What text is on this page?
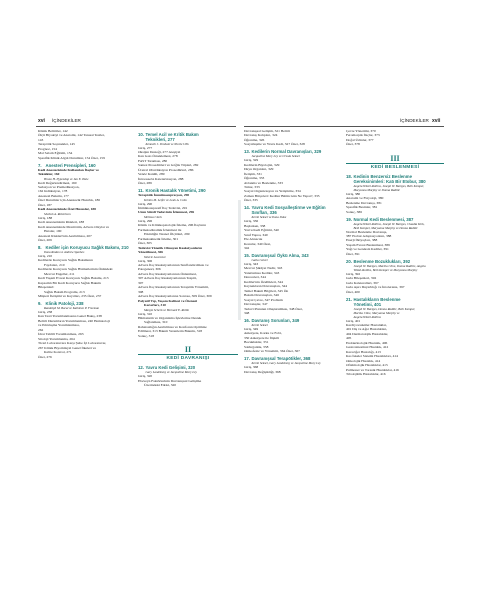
xvi İÇİNDEKİLER
Klinik Belirtiler, 142
Ölçü Biyokiyi ve Anatomi, 142 Tanısal Testler,
143
Terapötik Seçenekler, 145
Prognoz, 154
Mal Salatlı Eğitimi, 154
Spesifik Klinik Algılı Durumlar, 154 Özet, 159
7. Anesteri Prensipleri, 160
Kedi Anestezisinde Kullanılan İlaçlar ve
Teknikler, 160
Bruno H. Pypendop ve Jan E. Ilkiw
Kedi Değerlendirmesi, 160
Sedasyon ve Premedikasyon,
162 Indüksiyon, 178
Anestezi Bakımı, 177
Özel Durumlar için Anestezik Hazırlık, 186
Özet, 187
Kedi Anestezisinde Özel Hususlar, 188
Sheilah A. Robertson
Giriş, 188
Kedi Anestezisinin Riskleri, 188
Kedi Anestezisinde Monitörün, Advers Olaylar ve
Hatalar, 190
Anestezi Riskleri'nin Azaltılması, 207
Özet, 209
8. Kediler için Koruyucu Sağlık Bakımı, 210
Ilona Rodan ve Andrew Sparkes
Giriş, 210
Kedilerde Koruyucu Sağlık Bakımının
Faydaları, 210
Kedilerde Koruyucu Sağlık Hizmetlerinin Önündeki
Mevcut Engeller, 211
Kedi Yaşam Evresi Koruyucu Sağlık Bakımı, 213
Kapsamlı Bir Kedi Koruyucu Sağlık Bakımı
Bileşenleri:
Sağlık Bakım Programı, 213
Müşteri İletişimi ve Kayıtları, 235 Özet, 237
9. Klinik Patoloji, 238
Randolph M. Baral ve Kathleen P. Freeman
Giriş, 238
Kan Testi Yorumlanmasına Genel Bakış, 238
Belirli Durumların Yorumlanması, 240 Hematoloji
ve Pıhtılaşma Yorumlanması,
262
İdrar Tahlili Yorumlanması, 263
Sitoloji Yorumlanma, 264
Ticari Laboratuvara Karşı Şube İçi Laboratuvar,
267 Klinik Biyomüsyal Genel İlkeleri ve
Kalite Kontrol, 271
Özet, 276
10. Temel Acil ve Kritik Bakım
Teknikleri, 277
Kenneth J. Drobatz ve Nicole Ulik
Giriş, 277
Oksijen Desteği, 277 Ateşiyal
Kan Gazı Örneklemesi, 278
FAST Taraması, 280
Santez Prosedürleri ve Göğüs Tüpleri, 282
Üretral Obstrüksiyon Prosedürleri, 286
Venöz Kanüli, 289
İntraosseöz Kateterizasyon, 288
Özet, 289
11. Kronik Hastalık Yönetimi, 290
Terapötik İmmünosupresyon, 290
Kristin M. Leifer ve Leah A. Cohn
Giriş, 290
İmmünosupresif İlaç Tedavisi, 291
Uzun Süreli Tedavinin İzlenmesi, 296
Melissa Clark
Giriş, 296
Klinik ve Klinikopatolojik İzleme, 296 İlaçların
Farmakodinamik İzlenmesi ile
Etkinliğin Nesnel Ölçütleri, 299
Farmakokinetik İzleme, 301
Özet, 305
Tedavisi Yönetik Olmayan Reaksiyonların
Yönetilmesi, 306
Valerie Lawrence
Giriş, 306
Advers İlaç Reaksiyonlarının Sınıflandırılması ve
Patogenezi, 306
Advers İlaç Reaksiyonlarının Önlenmesi,
307 Advers İlaç Reaksiyonlarının Tespiti,
307
Advers İlaç Reaksiyonlarının Terapötik Yönetimi,
308
Advers İlaç Reaksiyonlarına Sonrası, 309 Özet, 309
Palyatif Tıp, Yaşam Kalitesi ve Ötenazi
Kararları, 310
Margie Scherk ve Bernard E. Rollin
Giriş, 310
Hümanizm ve Organizma İşlevlerine Destek
Sağlanması, 310
Rahatsızlığın Azaltılması ve Konforun Optimize
Edilmesi, 313 Bakım Verenlerin Bakımı, 318
Sonuç, 318
II
KEDİ DAVRANIŞI
12. Yavru Kedi Gelişimi, 320
Gary Landsberg ve Jacqueline Mary Ley
Giriş, 320
Ebeveyn Faktörlerinin Davranışsal Gelişime
Üzerindeki Etkisi, 320
İÇİNDEKİLER xvii
Davranışsal Gelişim, 321 Belirli
Davranış Kalıpları, 324
Öğrenme, 326
Sosyalleşme ve Yavru Kedi, 327 Özet, 328
13. Kedilerin Normal Davranışları, 329
Jacqueline Mary Ley ve Ursula Seksel
Giriş, 329
Kedilerin Biyolojisi, 329
Duyu Organları, 329
İletişim, 331
Öğrenme, 333
Avlanma ve Beslenme, 333
Tımar, 333
Sosyal Organizasyon ve Yetiştirme, 334
Zaman Bütçeleri: Kediler Bütün Gün Ne Yapar?, 335
Özet, 335
14. Yavru Kedi Sosyalleştirme ve Eğitim
Sınıfları, 336
Kersti Seksel ve Ilona Duke
Giriş, 336
Başlarken, 338
Yavru Kedi Eğitimi, 340
Sınıf Yapısı, 340
Ele Alınacak
Konular, 340 Özet,
342
15. Davranışsal Öykü Alma, 343
Gaila Calver
Giriş, 343
Mevcut Şikâyet Nedir, 343
Yanıtlaması Kediler, 343
Dereceleri, 344
Kediler'nin Özellikleri, 344
Kaynakların Davranışları, 344
Temel Bakım Bilgileri, 345 Ön
Bakım Davranışları, 346
Sosyal Çevre, 347 Problem
Davranışlar, 347
Tedavi Planının Oluşturulması, 348 Özet,
348
16. Davranış Sorunları, 349
Kersti Seksel
Giriş, 349
Anksiyete, Korku ve Fobi,
350 Anksiyete ile İlişkili
Bozukluklar, 351
Saldırganlık, 358
Onikofeziz ve Yönetimi, 364 Özet, 367
17. Davranışsal Terapötikler, 368
Kersti Seksel, Gary Landsberg ve Jacqueline Mary Ley
Giriş, 368
Davranış Değişikliği, 368
Çevre Yönetimi, 370
Feromorpik İlaçlar, 373
Doğal Ürünler, 377
Özet, 378
III
KEDİ BESLENMESİ
18. Kedinin Benzersiz Beslenme
Gereksinimleri: Katı Bir Etobur, 380
Angela Witzel-Rollins, Joseph W. Bartges, Beth Kemper,
Maryanna Murphy ve Donna Raditic
Giriş, 380
Anatomi ve Fizyoloji, 380
Beslenme Davranışı, 381
Spesifik Besinler, 381
Sonuç, 386
19. Normal Kedi Beslenmesi, 387
Angela Witzel-Rollins, Joseph W. Bartges, Claudia Kirk,
Beth Kemper, Maryanna Murphy ve Donna Raditic
Normal Beslenme Davranışı,
387 Etobur Adaptasyonları, 388
Enerji İhtiyaçları, 388
Yaşam Evresi Beslenmesi, 389
Yağı ve Gereksiz Kediler, 391
Özet, 391
20. Beslenme Bozuklukları, 392
Joseph W. Bartges, Martha Cline, Donna Raditic, Angela
Witzel-Rollins, Beth Kemper ve Maryanna Murphy
Giriş, 392
Gıda Bileşenleri, 392
Gıda Kaleteralleri, 397
Gıda Aşırı Duyarlılığı ve İntoleransı, 397
Özet, 400
21. Hastalıkların Beslenme
Yönetimi, 401
Joseph W. Bartges, Donna Raditic, Beth Kemper,
Martha Cline, Maryanna Murphy ve
Angela Witzel-Rollins
Giriş, 401
Kardiyovasküler Hastalıklar,
401 Diş ve Ağız Hastalıkları,
404 Dermatolojik Hastalıklar,
405
Endokrinolojik Hastalık, 406
Gastrointestinal Hastalık, 412
Karaciğer Hastalığı, 413
Kas İskelet Sistemi Hastalıkları, 414
Onkolojik Hastalık, 414
Oftalmolojik Hastalıklar, 415
Pulmoner ve Torasik Hastalıklar, 416
Tıbolojiitik Hastalıklar, 416
